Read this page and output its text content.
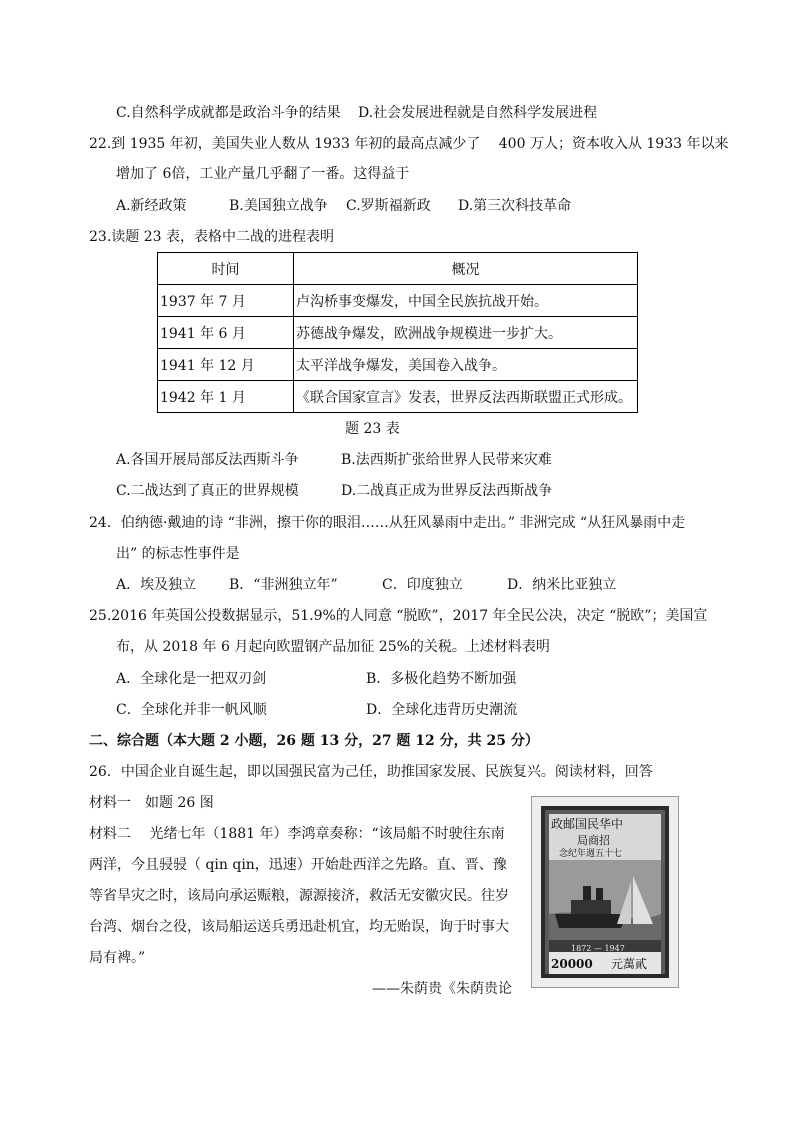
C.自然科学成就都是政治斗争的结果 D.社会发展进程就是自然科学发展进程
22.到 1935 年初，美国失业人数从 1933 年初的最高点减少了　 400 万人；资本收入从 1933 年以来
增加了 6倍，工业产量几乎翻了一番。这得益于
A.新经政策	B.美国独立战争 C.罗斯福新政 D.第三次科技革命
23.读题 23 表，表格中二战的进程表明
时间	概况
1937 年 7 月	卢沟桥事变爆发，中国全民族抗战开始。
1941 年 6 月	苏德战争爆发，欧洲战争规模进一步扩大。
1941 年 12 月	太平洋战争爆发，美国卷入战争。
1942 年 1 月	《联合国家宣言》发表，世界反法西斯联盟正式形成。
题 23 表
A.各国开展局部反法西斯斗争	B.法西斯扩张给世界人民带来灾难
C.二战达到了真正的世界规模	D.二战真正成为世界反法西斯战争
24．伯纳德·戴迪的诗 “非洲，擦干你的眼泪……从狂风暴雨中走出。” 非洲完成 “从狂风暴雨中走
出” 的标志性事件是
A．埃及独立 B．“非洲独立年”	C．印度独立	D．纳米比亚独立
25.2016 年英国公投数据显示，51.9%的人同意 “脱欧”，2017 年全民公决，决定 “脱欧”；美国宣
布，从 2018 年 6 月起向欧盟钢产品加征 25%的关税。上述材料表明
A．全球化是一把双刃剑	B．多极化趋势不断加强
C．全球化并非一帆风顺	D．全球化违背历史潮流
二、综合题（本大题 2 小题，26 题 13 分，27 题 12 分，共 25 分）
26．中国企业自诞生起，即以国强民富为己任，助推国家发展、民族复兴。阅读材料，回答
材料一　如题 26 图
材料二　 光绪七年（1881 年）李鸿章奏称：“该局船不时驶往东南
两洋，今且骎骎（ qin qin，迅速）开始赴西洋之先路。直、晋、豫
等省旱灾之时，该局向承运赈粮，源源接济，救活无安徽灾民。往岁
台湾、烟台之役，该局船运送兵勇迅赴机宜，均无贻误，询于时事大
局有裨。”
——朱荫贵《朱荫贵论
政邮国民华中
局商招
念纪年週五十七
1872 — 1947
20000 元萬貳
